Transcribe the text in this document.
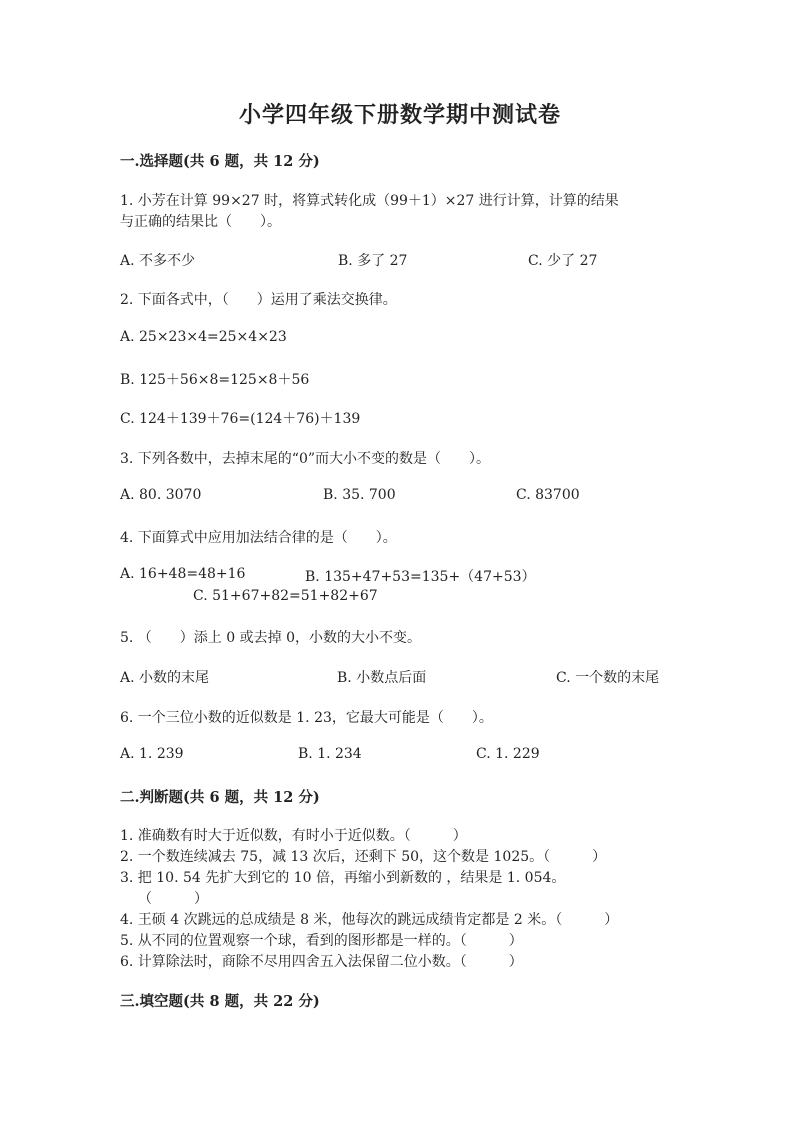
小学四年级下册数学期中测试卷
一.选择题(共 6 题，共 12 分)
1. 小芳在计算 99×27 时，将算式转化成（99＋1）×27 进行计算，计算的结果
与正确的结果比（　　）。
A. 不多不少	B. 多了 27	C. 少了 27
2. 下面各式中，（　　）运用了乘法交换律。
A. 25×23×4=25×4×23
B. 125＋56×8=125×8＋56
C. 124＋139＋76=(124＋76)＋139
3. 下列各数中，去掉末尾的“0”而大小不变的数是（　　）。
A. 80. 3070	B. 35. 700	C. 83700
4. 下面算式中应用加法结合律的是（　　）。
A. 16+48=48+16	B. 135+47+53=135+（47+53）
C. 51+67+82=51+82+67
5. （　　）添上 0 或去掉 0，小数的大小不变。
A. 小数的末尾	B. 小数点后面	C. 一个数的末尾
6. 一个三位小数的近似数是 1. 23，它最大可能是（　　）。
A. 1. 239	B. 1. 234	C. 1. 229
二.判断题(共 6 题，共 12 分)
1. 准确数有时大于近似数，有时小于近似数。（　　　）
2. 一个数连续减去 75，减 13 次后，还剩下 50，这个数是 1025。（　　　）
3. 把 10. 54 先扩大到它的 10 倍，再缩小到新数的 ，结果是 1. 054。
（　　　）
4. 王硕 4 次跳远的总成绩是 8 米，他每次的跳远成绩肯定都是 2 米。（　　　）
5. 从不同的位置观察一个球，看到的图形都是一样的。（　　　）
6. 计算除法时，商除不尽用四舍五入法保留二位小数。（　　　）
三.填空题(共 8 题，共 22 分)
